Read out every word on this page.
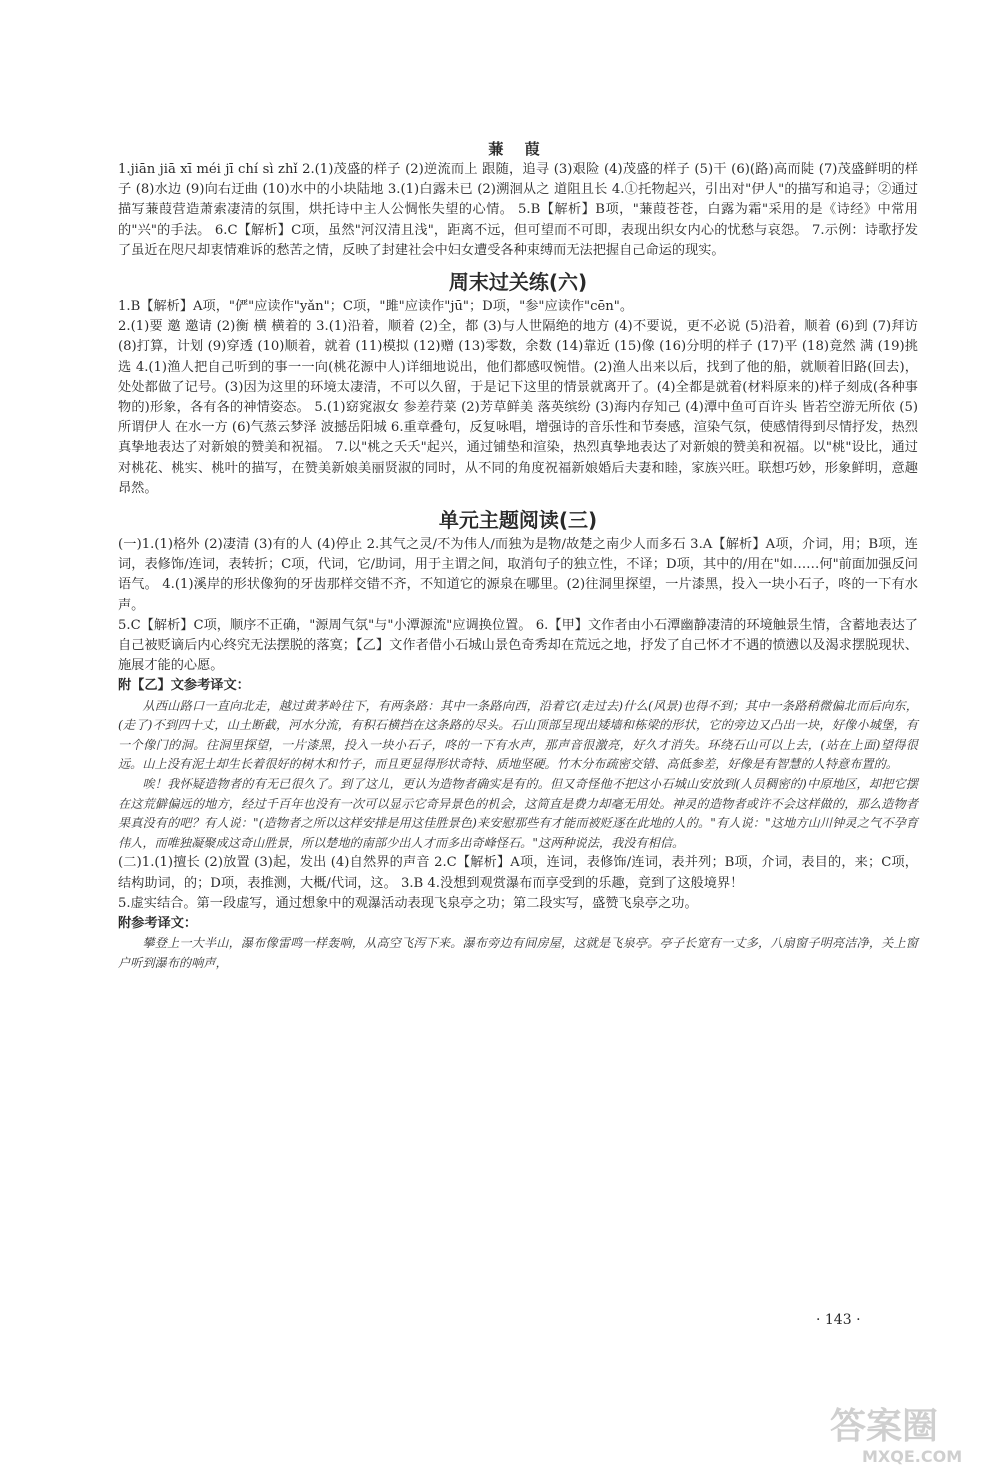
蒹 葭

1.jiān jiā xī méi jī chí sì zhǐ 2.(1)茂盛的样子 (2)逆流而上 跟随，追寻 (3)艰险 (4)茂盛的样子 (5)干 (6)(路)高而陡 (7)茂盛鲜明的样子 (8)水边 (9)向右迂曲 (10)水中的小块陆地 3.(1)白露未已 (2)溯洄从之 道阻且长 4.①托物起兴，引出对"伊人"的描写和追寻；②通过描写蒹葭营造萧索凄清的氛围，烘托诗中主人公惆怅失望的心情。 5.B【解析】B项，"蒹葭苍苍，白露为霜"采用的是《诗经》中常用的"兴"的手法。 6.C【解析】C项，虽然"河汉清且浅"，距离不远，但可望而不可即，表现出织女内心的忧愁与哀怨。 7.示例：诗歌抒发了虽近在咫尺却衷情难诉的愁苦之情，反映了封建社会中妇女遭受各种束缚而无法把握自己命运的现实。

周末过关练(六)

1.B【解析】A项，"俨"应读作"yǎn"；C项，"雎"应读作"jū"；D项，"参"应读作"cēn"。

2.(1)要 邀 邀请 (2)衡 横 横着的 3.(1)沿着，顺着 (2)全，都 (3)与人世隔绝的地方 (4)不要说，更不必说 (5)沿着，顺着 (6)到 (7)拜访 (8)打算，计划 (9)穿透 (10)顺着，就着 (11)模拟 (12)赠 (13)零数，余数 (14)靠近 (15)像 (16)分明的样子 (17)平 (18)竟然 满 (19)挑选 4.(1)渔人把自己听到的事一一向(桃花源中人)详细地说出，他们都感叹惋惜。(2)渔人出来以后，找到了他的船，就顺着旧路(回去)，处处都做了记号。(3)因为这里的环境太凄清，不可以久留，于是记下这里的情景就离开了。(4)全都是就着(材料原来的)样子刻成(各种事物的)形象，各有各的神情姿态。 5.(1)窈窕淑女 参差荇菜 (2)芳草鲜美 落英缤纷 (3)海内存知己 (4)潭中鱼可百许头 皆若空游无所依 (5)所谓伊人 在水一方 (6)气蒸云梦泽 波撼岳阳城 6.重章叠句，反复咏唱，增强诗的音乐性和节奏感，渲染气氛，使感情得到尽情抒发，热烈真挚地表达了对新娘的赞美和祝福。 7.以"桃之夭夭"起兴，通过铺垫和渲染，热烈真挚地表达了对新娘的赞美和祝福。以"桃"设比，通过对桃花、桃实、桃叶的描写，在赞美新娘美丽贤淑的同时，从不同的角度祝福新娘婚后夫妻和睦，家族兴旺。联想巧妙，形象鲜明，意趣昂然。

单元主题阅读(三)

(一)1.(1)格外 (2)凄清 (3)有的人 (4)停止 2.其气之灵/不为伟人/而独为是物/故楚之南少人而多石 3.A【解析】A项，介词，用；B项，连词，表修饰/连词，表转折；C项，代词，它/助词，用于主谓之间，取消句子的独立性，不译；D项，其中的/用在"如……何"前面加强反问语气。 4.(1)溪岸的形状像狗的牙齿那样交错不齐，不知道它的源泉在哪里。(2)往洞里探望，一片漆黑，投入一块小石子，咚的一下有水声。

5.C【解析】C项，顺序不正确，"源周气氛"与"小潭源流"应调换位置。 6.【甲】文作者由小石潭幽静凄清的环境触景生情，含蓄地表达了自己被贬谪后内心终究无法摆脱的落寞；【乙】文作者借小石城山景色奇秀却在荒远之地，抒发了自己怀才不遇的愤懑以及渴求摆脱现状、施展才能的心愿。

附【乙】文参考译文：

从西山路口一直向北走，越过黄茅岭往下，有两条路：其中一条路向西，沿着它(走过去)什么(风景)也得不到；其中一条路稍微偏北而后向东，(走了)不到四十丈，山土断截，河水分流，有积石横挡在这条路的尽头。石山顶部呈现出矮墙和栋梁的形状，它的旁边又凸出一块，好像小城堡，有一个像门的洞。往洞里探望，一片漆黑，投入一块小石子，咚的一下有水声，那声音很激亮，好久才消失。环绕石山可以上去，(站在上面)望得很远。山上没有泥土却生长着很好的树木和竹子，而且更显得形状奇特、质地坚硬。竹木分布疏密交错、高低参差，好像是有智慧的人特意布置的。

唉！我怀疑造物者的有无已很久了。到了这儿，更认为造物者确实是有的。但又奇怪他不把这小石城山安放到(人员稠密的)中原地区，却把它摆在这荒僻偏远的地方，经过千百年也没有一次可以显示它奇异景色的机会，这简直是费力却毫无用处。神灵的造物者或许不会这样做的，那么造物者果真没有的吧？有人说："(造物者之所以这样安排是用这佳胜景色)来安慰那些有才能而被贬逐在此地的人的。"有人说："这地方山川钟灵之气不孕育伟人，而唯独凝聚成这奇山胜景，所以楚地的南部少出人才而多出奇峰怪石。"这两种说法，我没有相信。

(二)1.(1)擅长 (2)放置 (3)起，发出 (4)自然界的声音 2.C【解析】A项，连词，表修饰/连词，表并列；B项，介词，表目的，来；C项，结构助词，的；D项，表推测，大概/代词，这。 3.B 4.没想到观赏瀑布而享受到的乐趣，竟到了这般境界！

5.虚实结合。第一段虚写，通过想象中的观瀑活动表现飞泉亭之功；第二段实写，盛赞飞泉亭之功。

附参考译文：

攀登上一大半山，瀑布像雷鸣一样轰响，从高空飞泻下来。瀑布旁边有间房屋，这就是飞泉亭。亭子长宽有一丈多，八扇窗子明亮洁净，关上窗户听到瀑布的响声，

· 143 ·
答案圈
MXQE.COM
